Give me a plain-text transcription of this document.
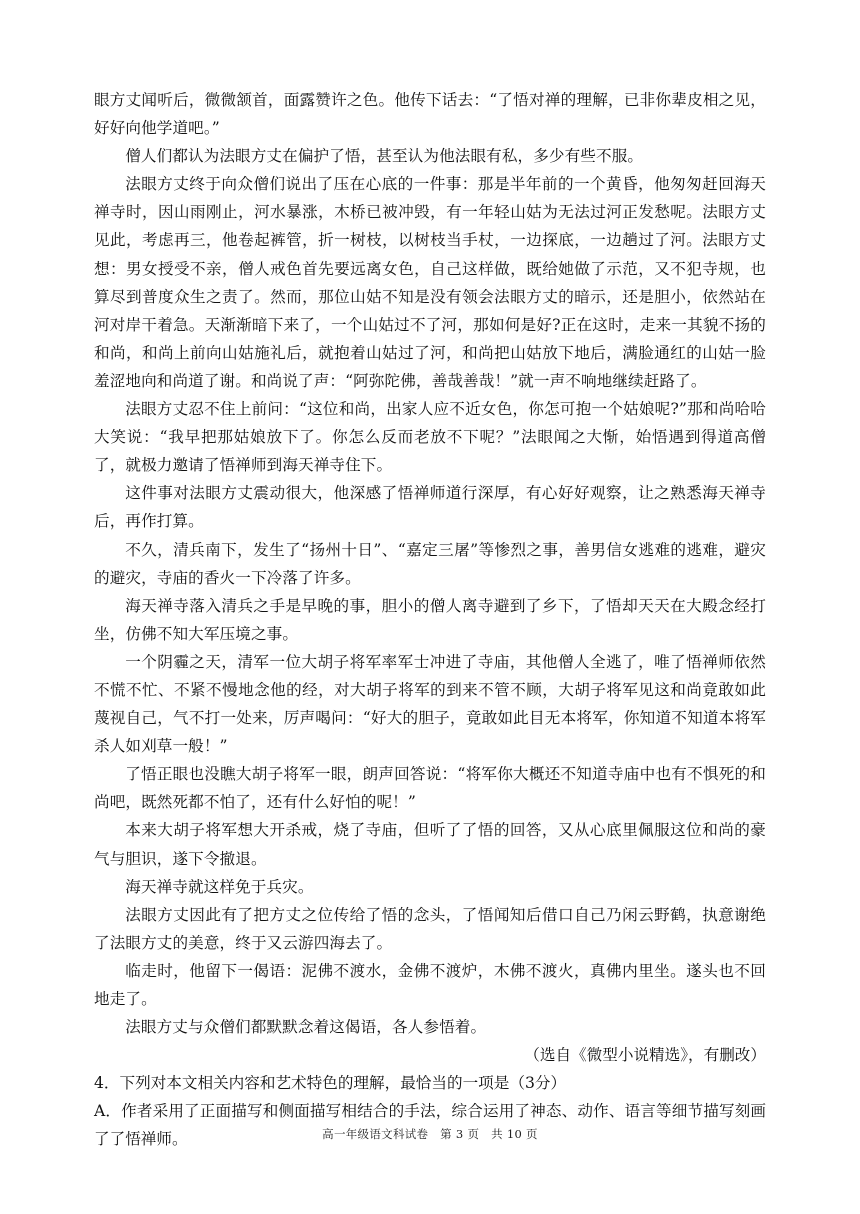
眼方丈闻听后，微微颔首，面露赞许之色。他传下话去：“了悟对禅的理解，已非你辈皮相之见，好好向他学道吧。”

僧人们都认为法眼方丈在偏护了悟，甚至认为他法眼有私，多少有些不服。

法眼方丈终于向众僧们说出了压在心底的一件事：那是半年前的一个黄昏，他匆匆赶回海天禅寺时，因山雨刚止，河水暴涨，木桥已被冲毁，有一年轻山姑为无法过河正发愁呢。法眼方丈见此，考虑再三，他卷起裤管，折一树枝，以树枝当手杖，一边探底，一边趟过了河。法眼方丈想：男女授受不亲，僧人戒色首先要远离女色，自己这样做，既给她做了示范，又不犯寺规，也算尽到普度众生之责了。然而，那位山姑不知是没有领会法眼方丈的暗示，还是胆小，依然站在河对岸干着急。天渐渐暗下来了，一个山姑过不了河，那如何是好?正在这时，走来一其貌不扬的和尚，和尚上前向山姑施礼后，就抱着山姑过了河，和尚把山姑放下地后，满脸通红的山姑一脸羞涩地向和尚道了谢。和尚说了声：“阿弥陀佛，善哉善哉！”就一声不响地继续赶路了。

法眼方丈忍不住上前问：“这位和尚，出家人应不近女色，你怎可抱一个姑娘呢?”那和尚哈哈大笑说：“我早把那姑娘放下了。你怎么反而老放不下呢？”法眼闻之大惭，始悟遇到得道高僧了，就极力邀请了悟禅师到海天禅寺住下。

这件事对法眼方丈震动很大，他深感了悟禅师道行深厚，有心好好观察，让之熟悉海天禅寺后，再作打算。

不久，清兵南下，发生了“扬州十日”、“嘉定三屠”等惨烈之事，善男信女逃难的逃难，避灾的避灾，寺庙的香火一下冷落了许多。

海天禅寺落入清兵之手是早晚的事，胆小的僧人离寺避到了乡下，了悟却天天在大殿念经打坐，仿佛不知大军压境之事。

一个阴霾之天，清军一位大胡子将军率军士冲进了寺庙，其他僧人全逃了，唯了悟禅师依然不慌不忙、不紧不慢地念他的经，对大胡子将军的到来不管不顾，大胡子将军见这和尚竟敢如此蔑视自己，气不打一处来，厉声喝问：“好大的胆子，竟敢如此目无本将军，你知道不知道本将军杀人如刈草一般！”

了悟正眼也没瞧大胡子将军一眼，朗声回答说：“将军你大概还不知道寺庙中也有不惧死的和尚吧，既然死都不怕了，还有什么好怕的呢！”

本来大胡子将军想大开杀戒，烧了寺庙，但听了了悟的回答，又从心底里佩服这位和尚的豪气与胆识，遂下令撤退。

海天禅寺就这样免于兵灾。

法眼方丈因此有了把方丈之位传给了悟的念头，了悟闻知后借口自己乃闲云野鹤，执意谢绝了法眼方丈的美意，终于又云游四海去了。

临走时，他留下一偈语：泥佛不渡水，金佛不渡炉，木佛不渡火，真佛内里坐。遂头也不回地走了。

法眼方丈与众僧们都默默念着这偈语，各人参悟着。

（选自《微型小说精选》，有删改）

4．下列对本文相关内容和艺术特色的理解，最恰当的一项是（3分）

A．作者采用了正面描写和侧面描写相结合的手法，综合运用了神态、动作、语言等细节描写刻画了了悟禅师。	高一年级语文科试卷　第 3 页　共 10 页
